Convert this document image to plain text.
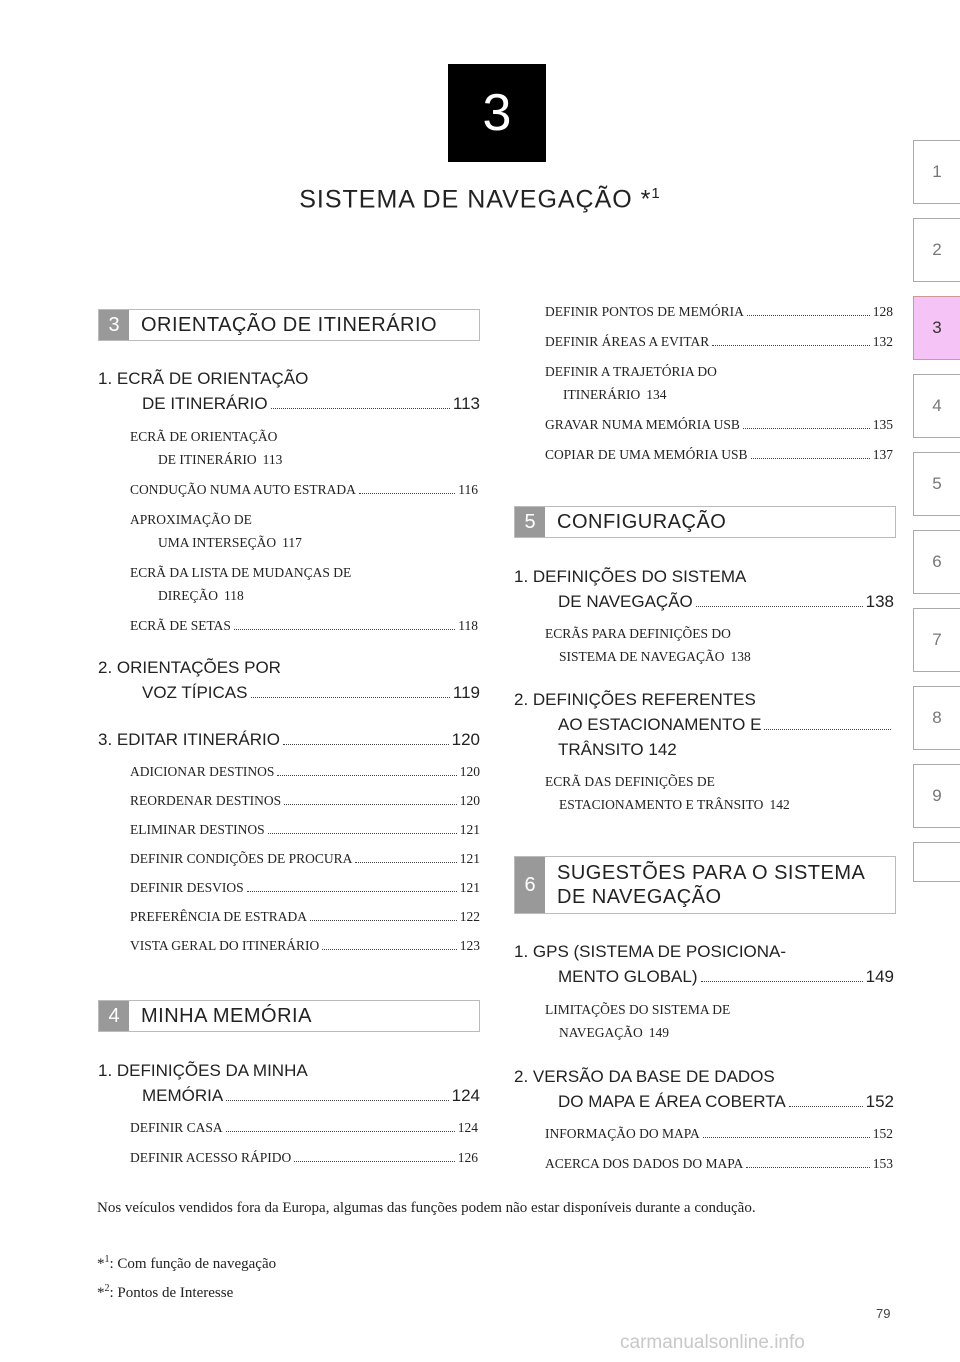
3
SISTEMA DE NAVEGAÇÃO *$^1$
1
2
3
4
5
6
7
8
9
3	ORIENTAÇÃO DE ITINERÁRIO
1. ECRÃ DE ORIENTAÇÃO
DE ITINERÁRIO	113
ECRÃ DE ORIENTAÇÃO
DE ITINERÁRIO 113
CONDUÇÃO NUMA AUTO ESTRADA	116
APROXIMAÇÃO DE
UMA INTERSEÇÃO 117
ECRÃ DA LISTA DE MUDANÇAS DE
DIREÇÃO 118
ECRÃ DE SETAS	118
2. ORIENTAÇÕES POR
VOZ TÍPICAS	119
3. EDITAR ITINERÁRIO	120
ADICIONAR DESTINOS	120
REORDENAR DESTINOS	120
ELIMINAR DESTINOS	121
DEFINIR CONDIÇÕES DE PROCURA	121
DEFINIR DESVIOS	121
PREFERÊNCIA DE ESTRADA	122
VISTA GERAL DO ITINERÁRIO	123
4	MINHA MEMÓRIA
1. DEFINIÇÕES DA MINHA
MEMÓRIA	124
DEFINIR CASA	124
DEFINIR ACESSO RÁPIDO	126
DEFINIR PONTOS DE MEMÓRIA	128
DEFINIR ÁREAS A EVITAR	132
DEFINIR A TRAJETÓRIA DO
ITINERÁRIO 134
GRAVAR NUMA MEMÓRIA USB	135
COPIAR DE UMA MEMÓRIA USB	137
5	CONFIGURAÇÃO
1. DEFINIÇÕES DO SISTEMA
DE NAVEGAÇÃO	138
ECRÃS PARA DEFINIÇÕES DO
SISTEMA DE NAVEGAÇÃO 138
2. DEFINIÇÕES REFERENTES
AO ESTACIONAMENTO E
TRÂNSITO 142
ECRÃ DAS DEFINIÇÕES DE
ESTACIONAMENTO E TRÂNSITO 142
6
SUGESTÕES PARA O SISTEMA
DE NAVEGAÇÃO
1. GPS (SISTEMA DE POSICIONA-
MENTO GLOBAL)	149
LIMITAÇÕES DO SISTEMA DE
NAVEGAÇÃO 149
2. VERSÃO DA BASE DE DADOS
DO MAPA E ÁREA COBERTA	152
INFORMAÇÃO DO MAPA	152
ACERCA DOS DADOS DO MAPA	153
Nos veículos vendidos fora da Europa, algumas das funções podem não estar disponíveis durante a condução.
*$^1$: Com função de navegação
*$^2$: Pontos de Interesse
79
carmanualsonline.info
